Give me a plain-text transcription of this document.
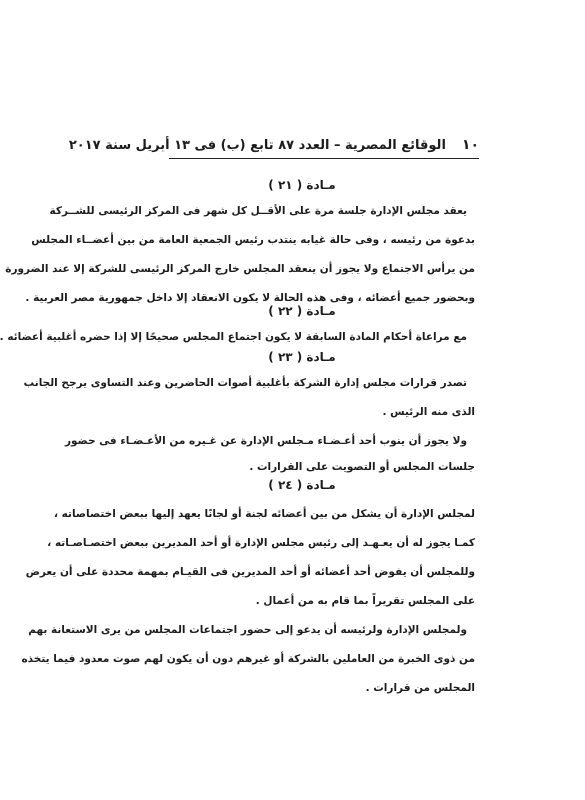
١٠
الوقائع المصرية – العدد ٨٧ تابع (ب) فى ١٣ أبريل سنة ٢٠١٧
مـادة ( ٢١ )
يعقد مجلس الإدارة جلسة مرة على الأقــل كل شهر فى المركز الرئيسى للشــركة
بدعوة من رئيسه ، وفى حالة غيابه ينتدب رئيس الجمعية العامة من بين أعضــاء المجلس
من يرأس الاجتماع ولا يجوز أن ينعقد المجلس خارج المركز الرئيسى للشركة إلا عند الضرورة
وبحضور جميع أعضائه ، وفى هذه الحالة لا يكون الانعقاد إلا داخل جمهورية مصر العربية .
مـادة ( ٢٢ )
مع مراعاة أحكام المادة السابقة لا يكون اجتماع المجلس صحيحًا إلا إذا حضره أغلبية أعضائه .
مـادة ( ٢٣ )
تصدر قرارات مجلس إدارة الشركة بأغلبية أصوات الحاضرين وعند التساوى يرجح الجانب
الذى منه الرئيس .
ولا يجوز أن ينوب أحد أعـضـاء مـجلس الإدارة عن غـيره من الأعـضـاء فى حضور
جلسات المجلس أو التصويت على القرارات .
مـادة ( ٢٤ )
لمجلس الإدارة أن يشكل من بين أعضائه لجنة أو لجانًا يعهد إليها ببعض اختصاصاته ،
كمـا يجوز له أن يعـهـد إلى رئيس مجلس الإدارة أو أحد المديرين ببعض اختصـاصـاته ،
وللمجلس أن يفوض أحد أعضائه أو أحد المديرين فى القيـام بمهمة محددة على أن يعرض
على المجلس تقريراً بما قام به من أعمال .
ولمجلس الإدارة ولرئيسه أن يدعو إلى حضور اجتماعات المجلس من يرى الاستعانة بهم
من ذوى الخبرة من العاملين بالشركة أو غيرهم دون أن يكون لهم صوت معدود فيما يتخذه
المجلس من قرارات .
